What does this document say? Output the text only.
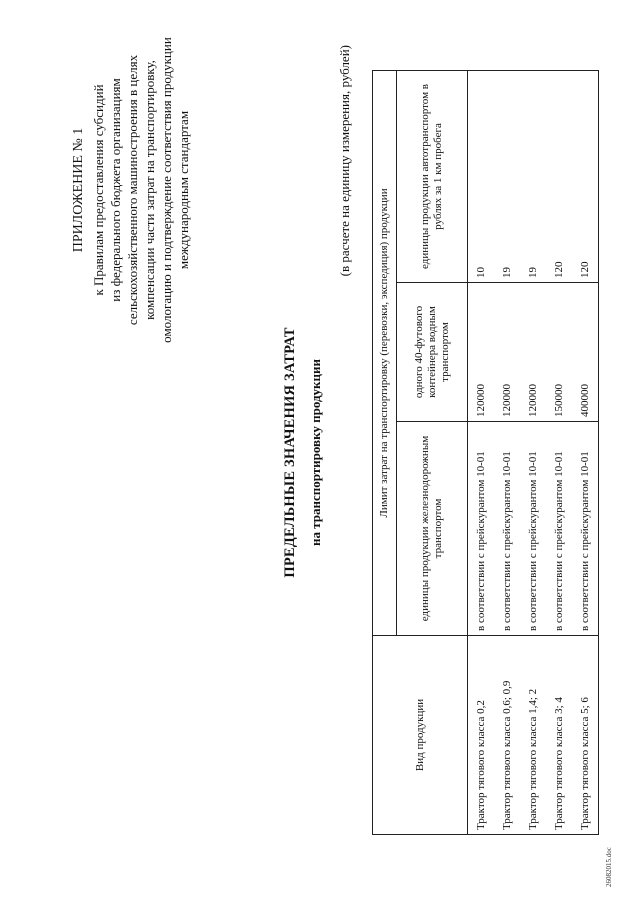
ПРИЛОЖЕНИЕ № 1 к Правилам предоставления субсидий из федерального бюджета организациям сельскохозяйственного машиностроения в целях компенсации части затрат на транспортировку, омологацию и подтверждение соответствия продукции международным стандартам
ПРЕДЕЛЬНЫЕ ЗНАЧЕНИЯ ЗАТРАТ на транспортировку продукции
(в расчете на единицу измерения, рублей)
Вид продукции	Лимит затрат на транспортировку (перевозки, экспедиция) продукции		
	единицы продукции железнодорожным транспортом	одного 40-футового контейнера водным транспортом	единицы продукции автотранспортом в рублях за 1 км пробега
Трактор тягового класса 0,2	в соответствии с прейскурантом 10-01	120000	10
Трактор тягового класса 0,6; 0,9	в соответствии с прейскурантом 10-01	120000	19
Трактор тягового класса 1,4; 2	в соответствии с прейскурантом 10-01	120000	19
Трактор тягового класса 3; 4	в соответствии с прейскурантом 10-01	150000	120
Трактор тягового класса 5; 6	в соответствии с прейскурантом 10-01	400000	120
26082015.doc
